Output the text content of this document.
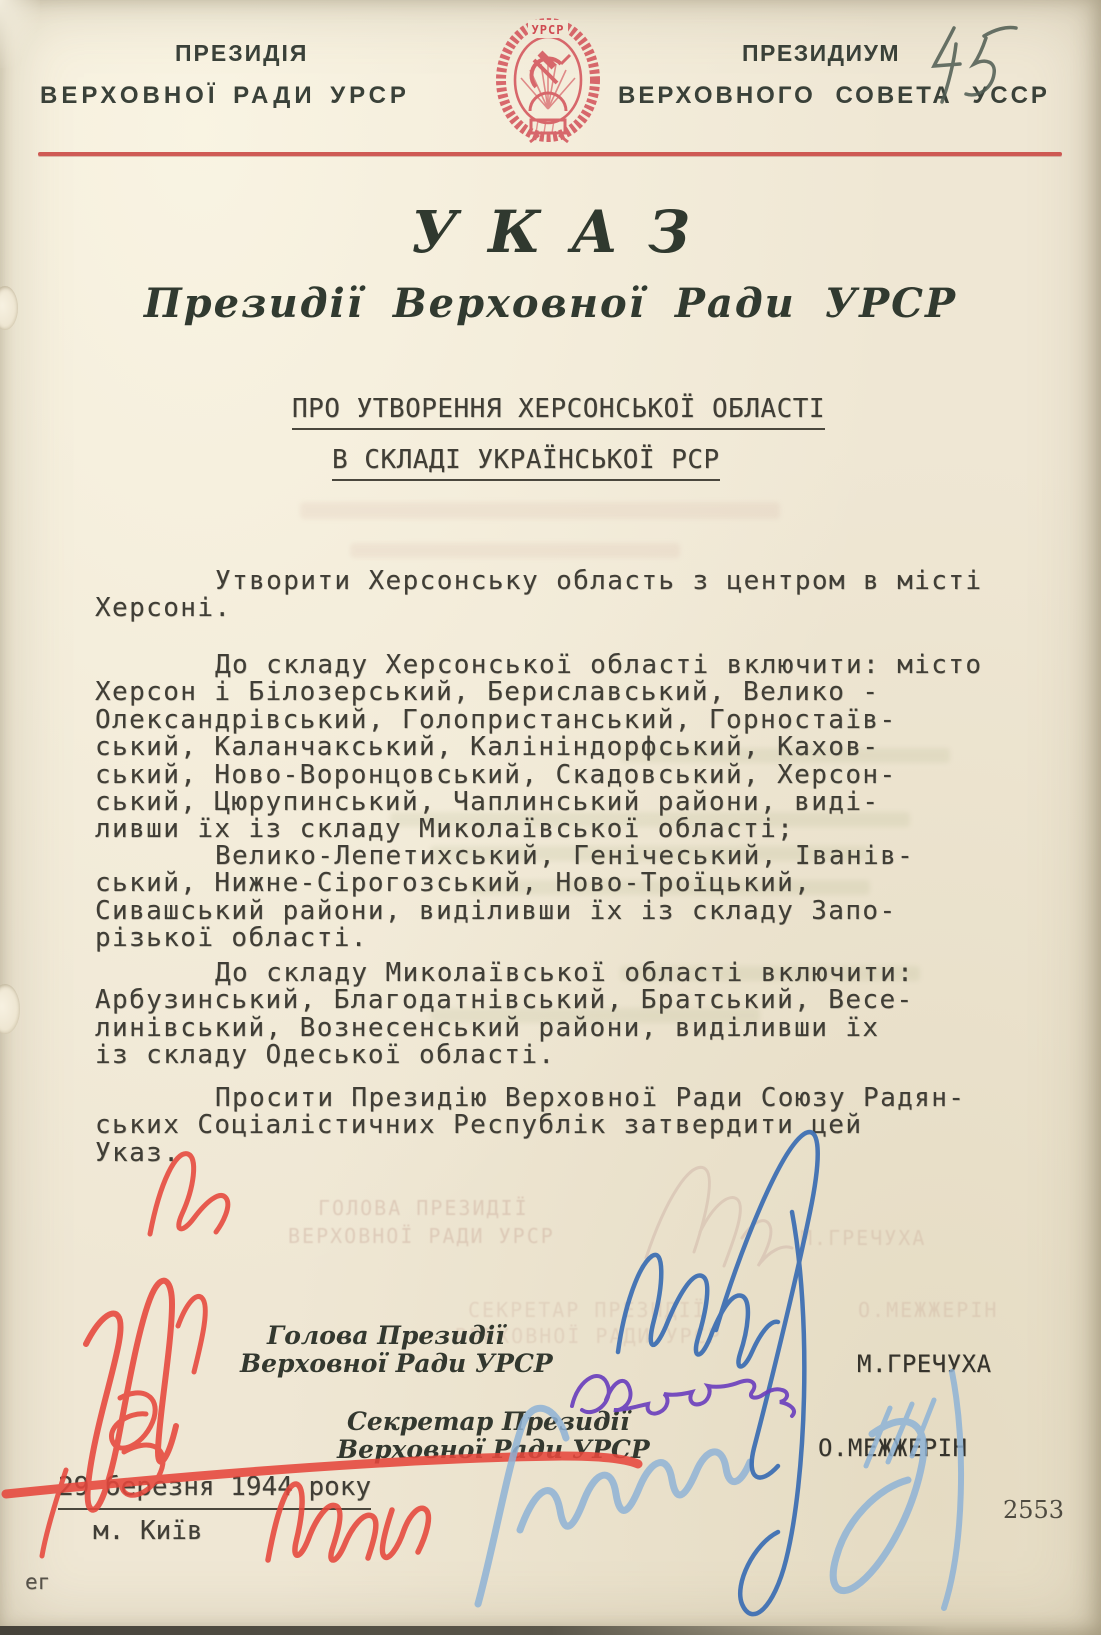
ПРЕЗИДІЯ
ВЕРХОВНОЇ РАДИ УРСР
ПРЕЗИДИУМ
ВЕРХОВНОГО СОВЕТА УССР
УРСР
УКАЗ
Президії Верховної Ради УРСР
ПРО УТВОРЕННЯ ХЕРСОНСЬКОЇ ОБЛАСТІ
В СКЛАДІ УКРАЇНСЬКОЇ РСР
Утворити Херсонську область з центром в місті
Херсоні.
До складу Херсонської області включити: місто
Херсон і Білозерський, Бериславський, Велико -
Олександрівський, Голопристанський, Горностаїв-
ський, Каланчакський, Калініндорфський, Кахов-
ський, Ново-Воронцовський, Скадовський, Херсон-
ський, Цюрупинський, Чаплинський райони, виді-
ливши їх із складу Миколаївської області;
Велико-Лепетихський, Генічеський, Іванів-
ський, Нижне-Сірогозський, Ново-Троїцький,
Сивашський райони, виділивши їх із складу Запо-
різької області.
До складу Миколаївської області включити:
Арбузинський, Благодатнівський, Братський, Весе-
линівський, Вознесенський райони, виділивши їх
із складу Одеської області.
Просити Президію Верховної Ради Союзу Радян-
ських Соціалістичних Республік затвердити цей
Указ.
ГОЛОВА ПРЕЗИДІЇ
ВЕРХОВНОЇ РАДИ УРСР	М.ГРЕЧУХА
СЕКРЕТАР ПРЕЗИДІЇ
ВЕРХОВНОЇ РАДИ УРСР
О.МЕЖЖЕРІН
Голова Президії
Верховної Ради УРСР	М.ГРЕЧУХА
Секретар Президії
Верховної Ради УРСР	О.МЕЖЖЕРІН
29 березня 1944 року
м. Київ
2553
ег
